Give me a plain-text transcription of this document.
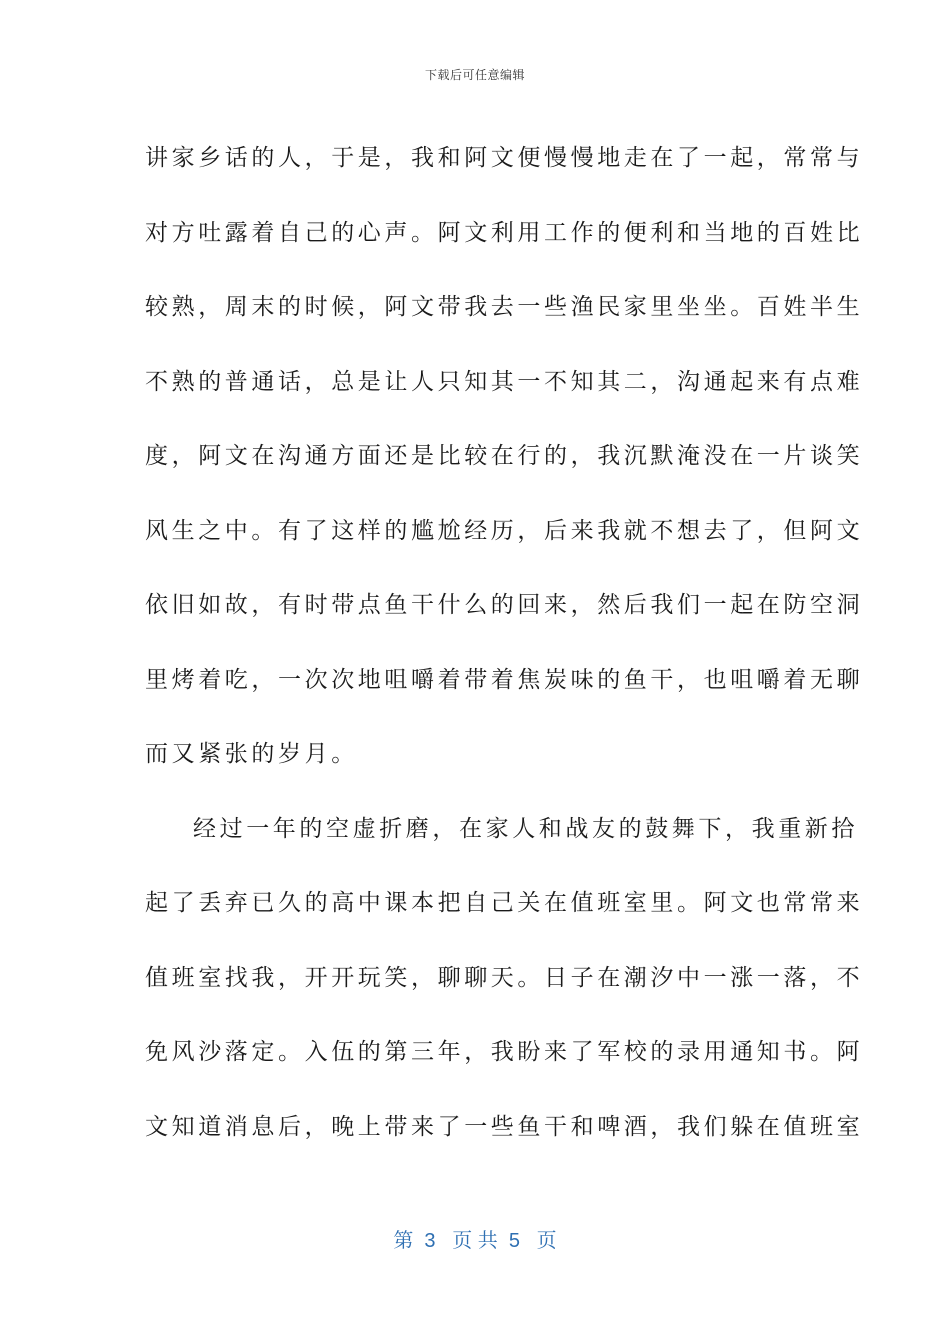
下载后可任意编辑
讲家乡话的人，于是，我和阿文便慢慢地走在了一起，常常与
对方吐露着自己的心声。阿文利用工作的便利和当地的百姓比
较熟，周末的时候，阿文带我去一些渔民家里坐坐。百姓半生
不熟的普通话，总是让人只知其一不知其二，沟通起来有点难
度，阿文在沟通方面还是比较在行的，我沉默淹没在一片谈笑
风生之中。有了这样的尴尬经历，后来我就不想去了，但阿文
依旧如故，有时带点鱼干什么的回来，然后我们一起在防空洞
里烤着吃，一次次地咀嚼着带着焦炭味的鱼干，也咀嚼着无聊
而又紧张的岁月。
经过一年的空虚折磨，在家人和战友的鼓舞下，我重新拾
起了丢弃已久的高中课本把自己关在值班室里。阿文也常常来
值班室找我，开开玩笑，聊聊天。日子在潮汐中一涨一落，不
免风沙落定。入伍的第三年，我盼来了军校的录用通知书。阿
文知道消息后，晚上带来了一些鱼干和啤酒，我们躲在值班室
第  3   页 共  5   页
